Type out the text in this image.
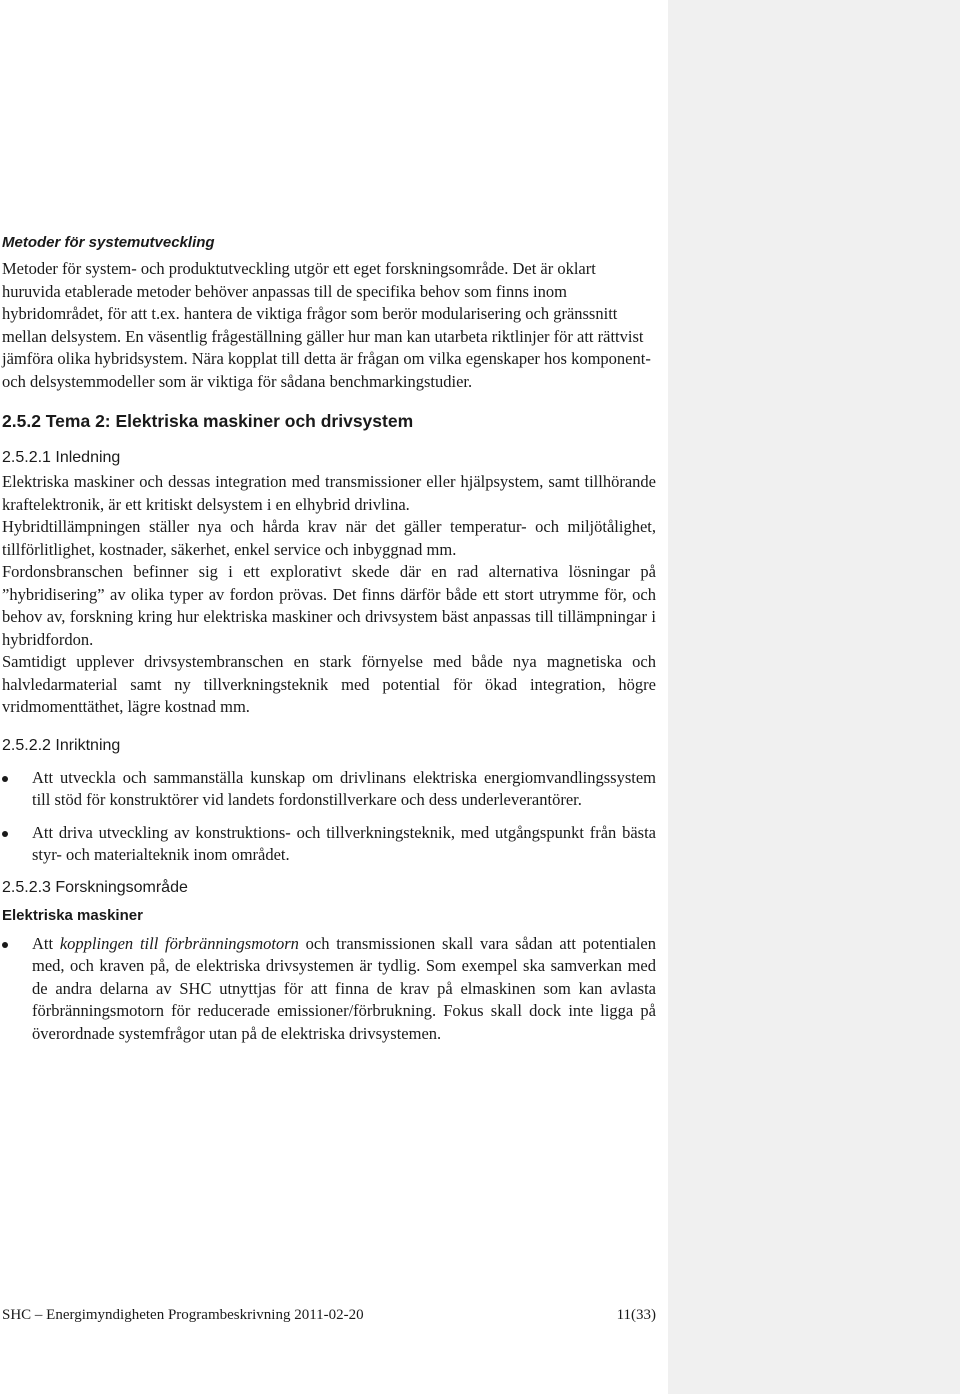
Metoder för systemutveckling

Metoder för system- och produktutveckling utgör ett eget forskningsområde. Det är oklart huruvida etablerade metoder behöver anpassas till de specifika behov som finns inom hybridområdet, för att t.ex. hantera de viktiga frågor som berör modularisering och gränssnitt mellan delsystem. En väsentlig frågeställning gäller hur man kan utarbeta riktlinjer för att rättvist jämföra olika hybridsystem. Nära kopplat till detta är frågan om vilka egenskaper hos komponent- och delsystemmodeller som är viktiga för sådana benchmarkingstudier.

2.5.2 Tema 2: Elektriska maskiner och drivsystem

2.5.2.1 Inledning

Elektriska maskiner och dessas integration med transmissioner eller hjälpsystem, samt tillhörande kraftelektronik, är ett kritiskt delsystem i en elhybrid drivlina.

Hybridtillämpningen ställer nya och hårda krav när det gäller temperatur- och miljötålighet, tillförlitlighet, kostnader, säkerhet, enkel service och inbyggnad mm.

Fordonsbranschen befinner sig i ett explorativt skede där en rad alternativa lösningar på ”hybridisering” av olika typer av fordon prövas. Det finns därför både ett stort utrymme för, och behov av, forskning kring hur elektriska maskiner och drivsystem bäst anpassas till tillämpningar i hybridfordon.

Samtidigt upplever drivsystembranschen en stark förnyelse med både nya magnetiska och halvledarmaterial samt ny tillverkningsteknik med potential för ökad integration, högre vridmomenttäthet, lägre kostnad mm.

2.5.2.2 Inriktning

Att utveckla och sammanställa kunskap om drivlinans elektriska energiomvandlingssystem till stöd för konstruktörer vid landets fordonstillverkare och dess underleverantörer.

Att driva utveckling av konstruktions- och tillverkningsteknik, med utgångspunkt från bästa styr- och materialteknik inom området.

2.5.2.3 Forskningsområde

Elektriska maskiner

Att kopplingen till förbränningsmotorn och transmissionen skall vara sådan att potentialen med, och kraven på, de elektriska drivsystemen är tydlig. Som exempel ska samverkan med de andra delarna av SHC utnyttjas för att finna de krav på elmaskinen som kan avlasta förbränningsmotorn för reducerade emissioner/förbrukning. Fokus skall dock inte ligga på överordnade systemfrågor utan på de elektriska drivsystemen.

SHC – Energimyndigheten Programbeskrivning 2011-02-20	11(33)
